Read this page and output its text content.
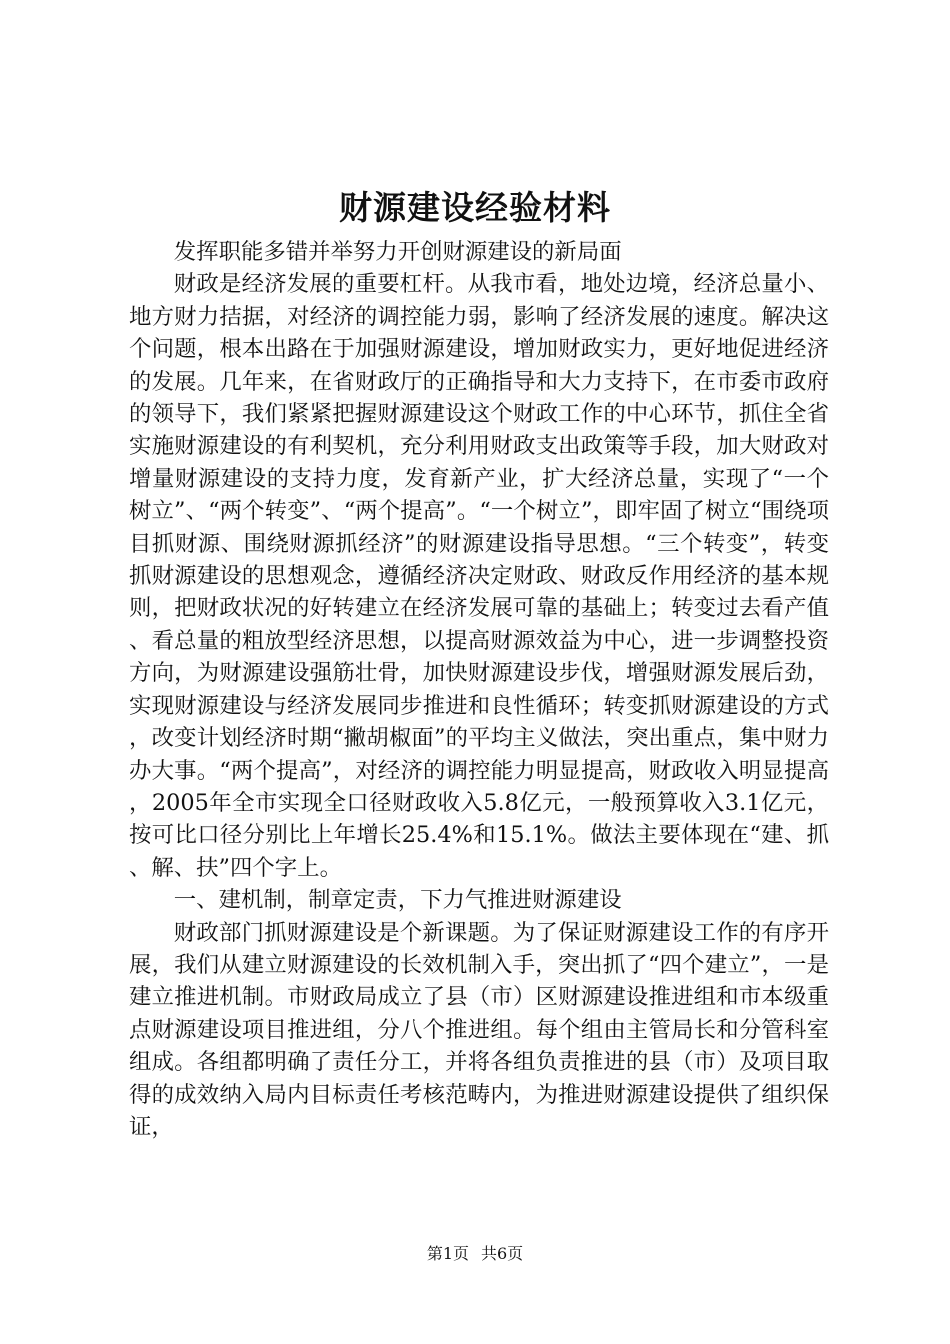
财源建设经验材料

发挥职能多错并举努力开创财源建设的新局面

财政是经济发展的重要杠杆。从我市看，地处边境，经济总量小、地方财力拮据，对经济的调控能力弱，影响了经济发展的速度。解决这个问题，根本出路在于加强财源建设，增加财政实力，更好地促进经济的发展。几年来，在省财政厅的正确指导和大力支持下，在市委市政府的领导下，我们紧紧把握财源建设这个财政工作的中心环节，抓住全省实施财源建设的有利契机，充分利用财政支出政策等手段，加大财政对增量财源建设的支持力度，发育新产业，扩大经济总量，实现了“一个树立”、“两个转变”、“两个提高”。“一个树立”，即牢固了树立“围绕项目抓财源、围绕财源抓经济”的财源建设指导思想。“三个转变”，转变抓财源建设的思想观念，遵循经济决定财政、财政反作用经济的基本规则，把财政状况的好转建立在经济发展可靠的基础上；转变过去看产值、看总量的粗放型经济思想，以提高财源效益为中心，进一步调整投资方向，为财源建设强筋壮骨，加快财源建设步伐，增强财源发展后劲，实现财源建设与经济发展同步推进和良性循环；转变抓财源建设的方式，改变计划经济时期“撇胡椒面”的平均主义做法，突出重点，集中财力办大事。“两个提高”，对经济的调控能力明显提高，财政收入明显提高，2005年全市实现全口径财政收入5.8亿元，一般预算收入3.1亿元，按可比口径分别比上年增长25.4%和15.1%。做法主要体现在“建、抓、解、扶”四个字上。

一、建机制，制章定责，下力气推进财源建设

财政部门抓财源建设是个新课题。为了保证财源建设工作的有序开展，我们从建立财源建设的长效机制入手，突出抓了“四个建立”，一是建立推进机制。市财政局成立了县（市）区财源建设推进组和市本级重点财源建设项目推进组，分八个推进组。每个组由主管局长和分管科室组成。各组都明确了责任分工，并将各组负责推进的县（市）及项目取得的成效纳入局内目标责任考核范畴内，为推进财源建设提供了组织保证，

第1页 共6页
